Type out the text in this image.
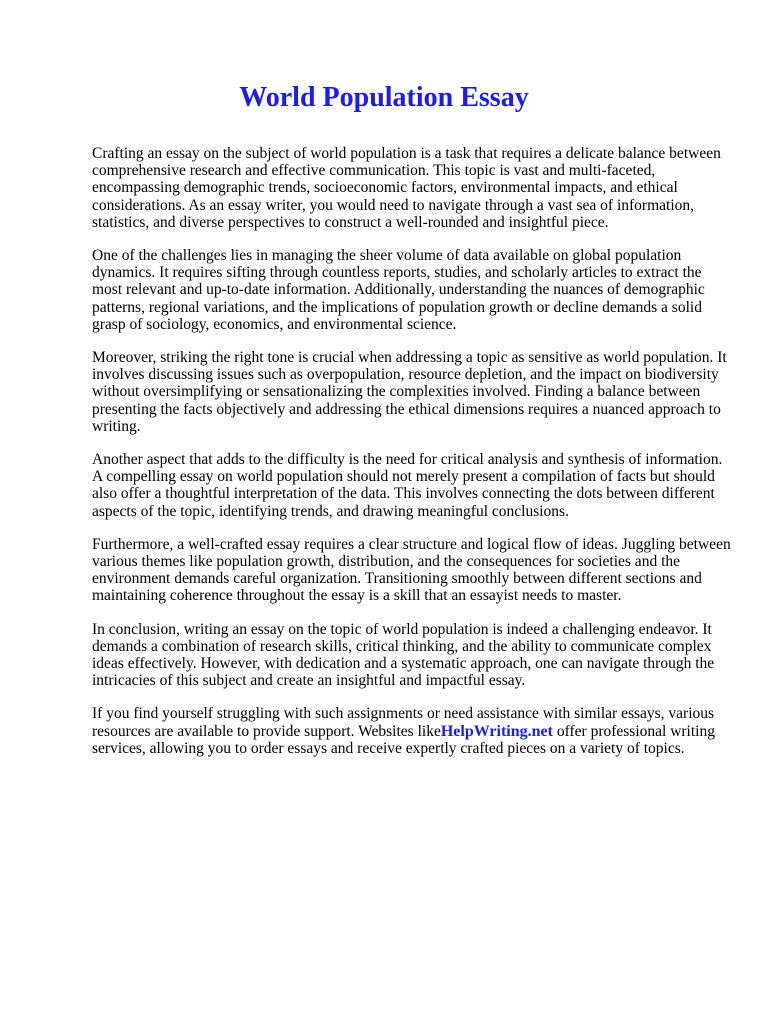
World Population Essay

Crafting an essay on the subject of world population is a task that requires a delicate balance between comprehensive research and effective communication. This topic is vast and multi-faceted, encompassing demographic trends, socioeconomic factors, environmental impacts, and ethical considerations. As an essay writer, you would need to navigate through a vast sea of information, statistics, and diverse perspectives to construct a well-rounded and insightful piece.

One of the challenges lies in managing the sheer volume of data available on global population dynamics. It requires sifting through countless reports, studies, and scholarly articles to extract the most relevant and up-to-date information. Additionally, understanding the nuances of demographic patterns, regional variations, and the implications of population growth or decline demands a solid grasp of sociology, economics, and environmental science.

Moreover, striking the right tone is crucial when addressing a topic as sensitive as world population. It involves discussing issues such as overpopulation, resource depletion, and the impact on biodiversity without oversimplifying or sensationalizing the complexities involved. Finding a balance between presenting the facts objectively and addressing the ethical dimensions requires a nuanced approach to writing.

Another aspect that adds to the difficulty is the need for critical analysis and synthesis of information. A compelling essay on world population should not merely present a compilation of facts but should also offer a thoughtful interpretation of the data. This involves connecting the dots between different aspects of the topic, identifying trends, and drawing meaningful conclusions.

Furthermore, a well-crafted essay requires a clear structure and logical flow of ideas. Juggling between various themes like population growth, distribution, and the consequences for societies and the environment demands careful organization. Transitioning smoothly between different sections and maintaining coherence throughout the essay is a skill that an essayist needs to master.

In conclusion, writing an essay on the topic of world population is indeed a challenging endeavor. It demands a combination of research skills, critical thinking, and the ability to communicate complex ideas effectively. However, with dedication and a systematic approach, one can navigate through the intricacies of this subject and create an insightful and impactful essay.

If you find yourself struggling with such assignments or need assistance with similar essays, various resources are available to provide support. Websites likeHelpWriting.net offer professional writing services, allowing you to order essays and receive expertly crafted pieces on a variety of topics.
